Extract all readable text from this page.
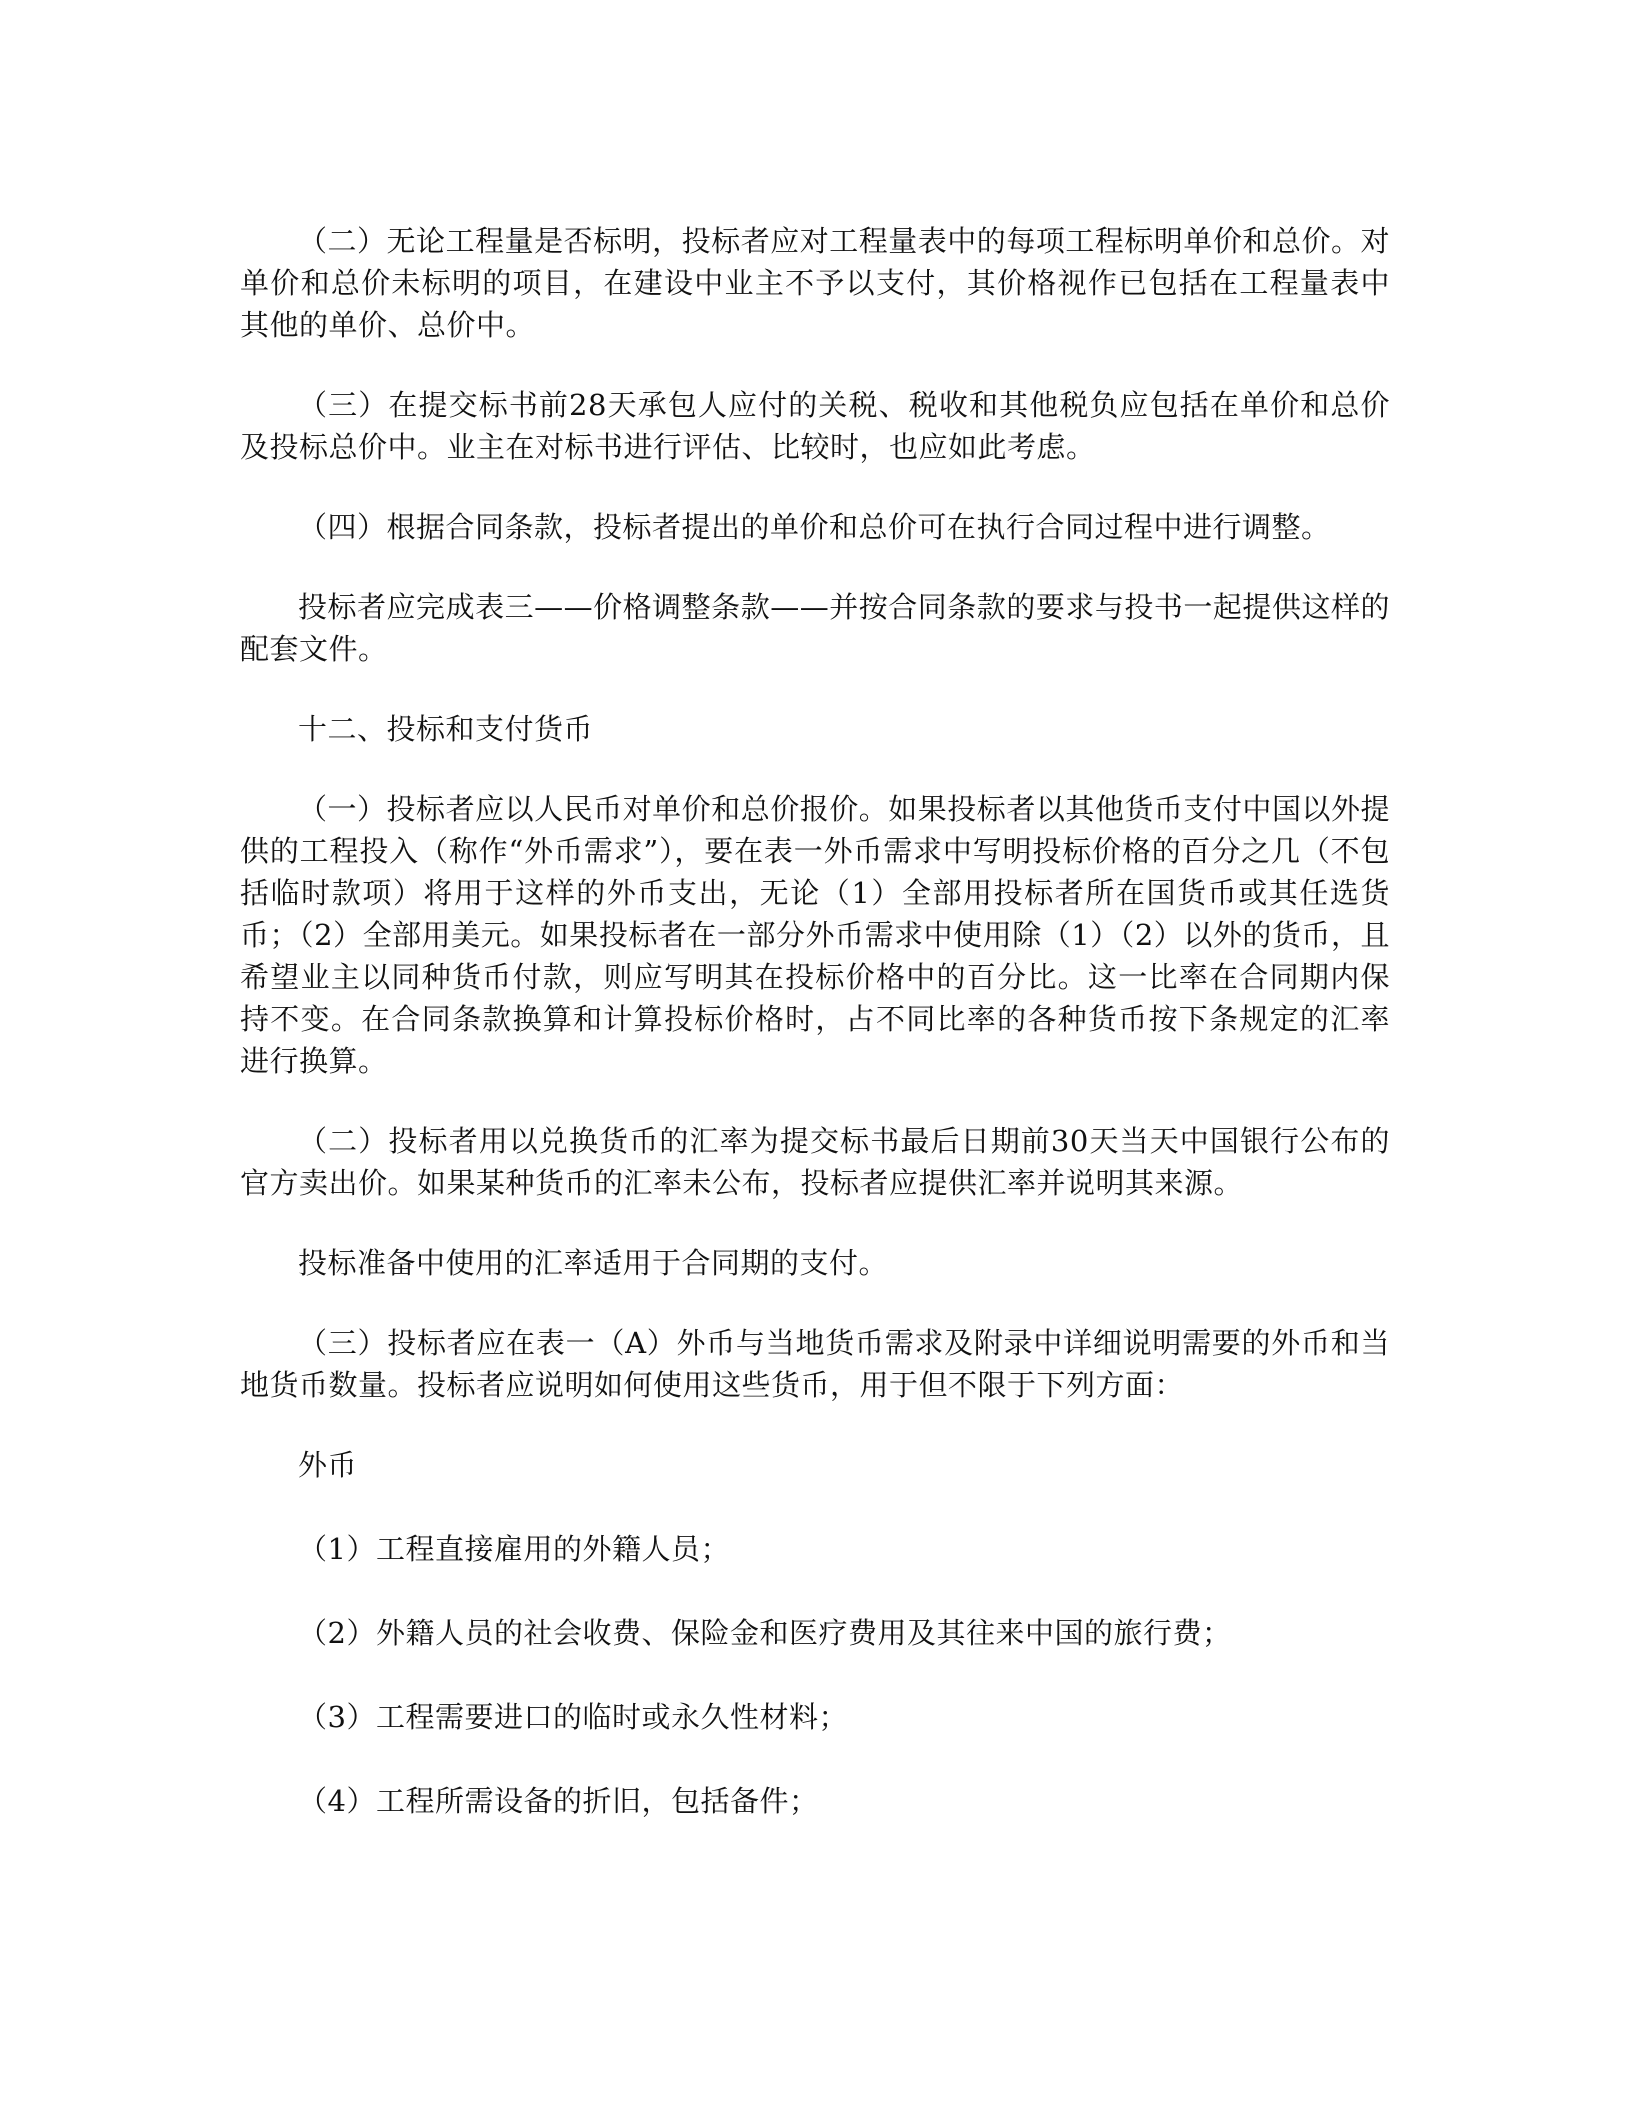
（二）无论工程量是否标明，投标者应对工程量表中的每项工程标明单价和总价。对单价和总价未标明的项目，在建设中业主不予以支付，其价格视作已包括在工程量表中其他的单价、总价中。

（三）在提交标书前28天承包人应付的关税、税收和其他税负应包括在单价和总价及投标总价中。业主在对标书进行评估、比较时，也应如此考虑。

（四）根据合同条款，投标者提出的单价和总价可在执行合同过程中进行调整。

投标者应完成表三——价格调整条款——并按合同条款的要求与投书一起提供这样的配套文件。

十二、投标和支付货币

（一）投标者应以人民币对单价和总价报价。如果投标者以其他货币支付中国以外提供的工程投入（称作“外币需求”），要在表一外币需求中写明投标价格的百分之几（不包括临时款项）将用于这样的外币支出，无论（1）全部用投标者所在国货币或其任选货币；（2）全部用美元。如果投标者在一部分外币需求中使用除（1）（2）以外的货币，且希望业主以同种货币付款，则应写明其在投标价格中的百分比。这一比率在合同期内保持不变。在合同条款换算和计算投标价格时，占不同比率的各种货币按下条规定的汇率进行换算。

（二）投标者用以兑换货币的汇率为提交标书最后日期前30天当天中国银行公布的官方卖出价。如果某种货币的汇率未公布，投标者应提供汇率并说明其来源。

投标准备中使用的汇率适用于合同期的支付。

（三）投标者应在表一（A）外币与当地货币需求及附录中详细说明需要的外币和当地货币数量。投标者应说明如何使用这些货币，用于但不限于下列方面：

外币

（1）工程直接雇用的外籍人员；

（2）外籍人员的社会收费、保险金和医疗费用及其往来中国的旅行费；

（3）工程需要进口的临时或永久性材料；

（4）工程所需设备的折旧，包括备件；
